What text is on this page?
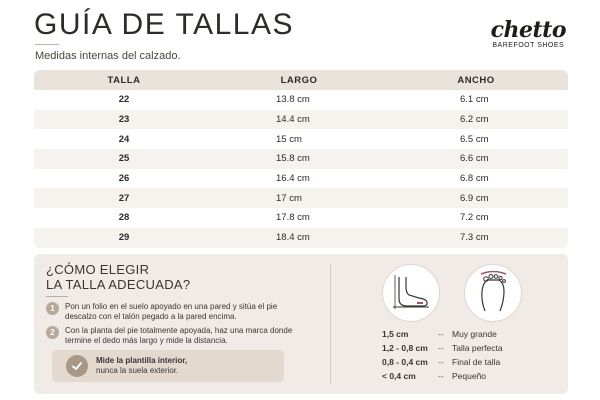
GUÍA DE TALLAS
Medidas internas del calzado.
chetto
BAREFOOT SHOES
TALLA	LARGO	ANCHO
22	13.8 cm	6.1 cm
23	14.4 cm	6.2 cm
24	15 cm	6.5 cm
25	15.8 cm	6.6 cm
26	16.4 cm	6.8 cm
27	17 cm	6.9 cm
28	17.8 cm	7.2 cm
29	18.4 cm	7.3 cm
¿CÓMO ELEGIR
LA TALLA ADECUADA?
1	Pon un folio en el suelo apoyado en una pared y sitúa el pie descalzo con el talón pegado a la pared encima.
2	Con la planta del pie totalmente apoyada, haz una marca donde termine el dedo más largo y mide la distancia.
Mide la plantilla interior,
nunca la suela exterior.
1,5 cm	-- Muy grande
1,2 - 0,8 cm	-- Talla perfecta
0,8 - 0,4 cm	-- Final de talla
< 0,4 cm	-- Pequeño
